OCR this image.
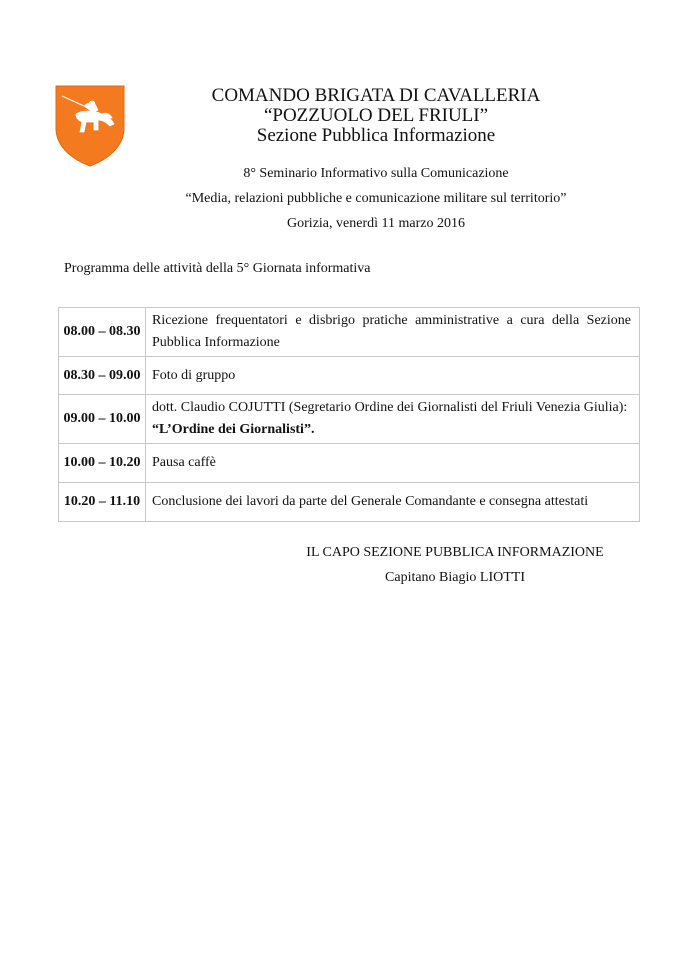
COMANDO BRIGATA DI CAVALLERIA
“POZZUOLO DEL FRIULI”
Sezione Pubblica Informazione
8° Seminario Informativo sulla Comunicazione
“Media, relazioni pubbliche e comunicazione militare sul territorio”
Gorizia, venerdì 11 marzo 2016
Programma delle attività della 5° Giornata informativa
08.00 – 08.30	Ricezione frequentatori e disbrigo pratiche amministrative a cura della Sezione Pubblica Informazione

08.30 – 09.00	Foto di gruppo

09.00 – 10.00	dott. Claudio COJUTTI (Segretario Ordine dei Giornalisti del Friuli Venezia Giulia):
“L’Ordine dei Giornalisti”.

10.00 – 10.20	Pausa caffè

10.20 – 11.10	Conclusione dei lavori da parte del Generale Comandante e consegna attestati
IL CAPO SEZIONE PUBBLICA INFORMAZIONE
Capitano Biagio LIOTTI
